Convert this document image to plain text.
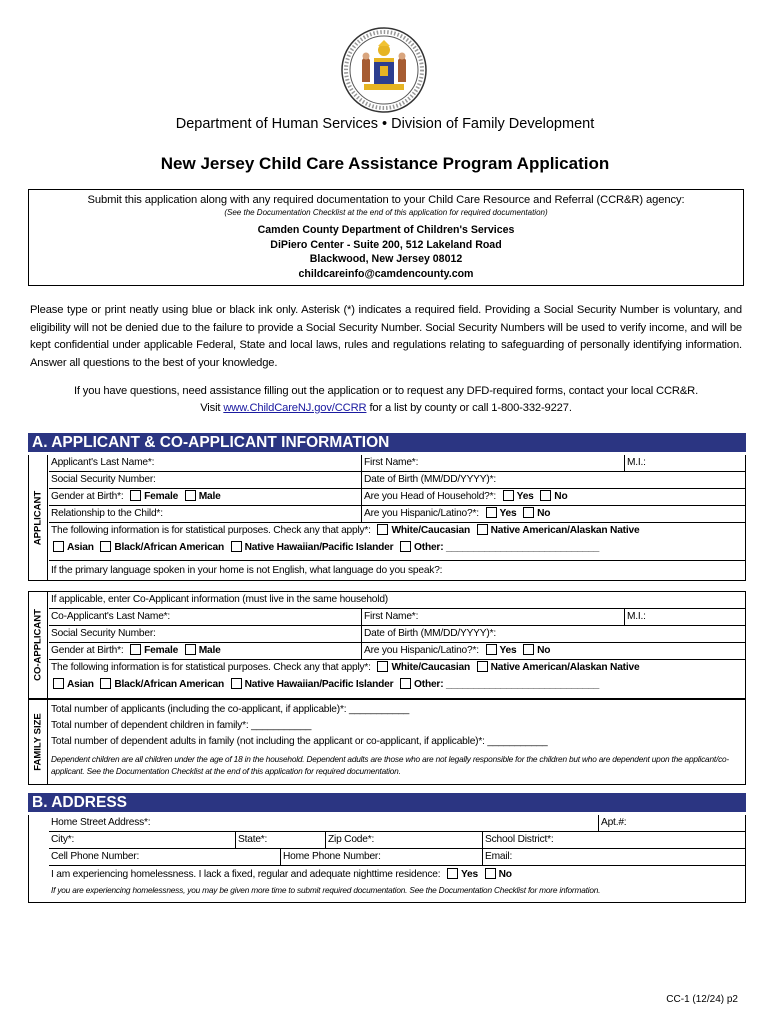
Department of Human Services • Division of Family Development
New Jersey Child Care Assistance Program Application
Submit this application along with any required documentation to your Child Care Resource and Referral (CCR&R) agency:
(See the Documentation Checklist at the end of this application for required documentation)
Camden County Department of Children's Services
DiPiero Center - Suite 200, 512 Lakeland Road
Blackwood, New Jersey 08012
childcareinfo@camdencounty.com
Please type or print neatly using blue or black ink only. Asterisk (*) indicates a required field. Providing a Social Security Number is voluntary, and eligibility will not be denied due to the failure to provide a Social Security Number. Social Security Numbers will be used to verify income, and will be kept confidential under applicable Federal, State and local laws, rules and regulations relating to safeguarding of personally identifying information. Answer all questions to the best of your knowledge.
If you have questions, need assistance filling out the application or to request any DFD-required forms, contact your local CCR&R.
Visit www.ChildCareNJ.gov/CCRR for a list by county or call 1-800-332-9227.
A. APPLICANT & CO-APPLICANT INFORMATION
APPLICANT
Applicant's Last Name*:	First Name*:	M.I.:
Social Security Number:	Date of Birth (MM/DD/YYYY)*:
Gender at Birth*: Female Male	Are you Head of Household?*: Yes No
Relationship to the Child*:	Are you Hispanic/Latino?*: Yes No
The following information is for statistical purposes. Check any that apply*: White/Caucasian Native American/Alaskan Native
Asian Black/African American Native Hawaiian/Pacific Islander Other: ____________________________
If the primary language spoken in your home is not English, what language do you speak?:
CO-APPLICANT
If applicable, enter Co-Applicant information (must live in the same household)
Co-Applicant's Last Name*:	First Name*:	M.I.:
Social Security Number:	Date of Birth (MM/DD/YYYY)*:
Gender at Birth*: Female Male	Are you Hispanic/Latino?*: Yes No
The following information is for statistical purposes. Check any that apply*: White/Caucasian Native American/Alaskan Native
Asian Black/African American Native Hawaiian/Pacific Islander Other: ____________________________
FAMILY SIZE
Total number of applicants (including the co-applicant, if applicable)*: ___________
Total number of dependent children in family*: ___________
Total number of dependent adults in family (not including the applicant or co-applicant, if applicable)*: ___________
Dependent children are all children under the age of 18 in the household. Dependent adults are those who are not legally responsible for the children but who are dependent upon the applicant/co-applicant. See the Documentation Checklist at the end of this application for required documentation.
B. ADDRESS
Home Street Address*:	Apt.#:
City*:	State*:	Zip Code*:	School District*:
Cell Phone Number:	Home Phone Number:	Email:
I am experiencing homelessness. I lack a fixed, regular and adequate nighttime residence: Yes No
If you are experiencing homelessness, you may be given more time to submit required documentation. See the Documentation Checklist for more information.
CC-1 (12/24) p2
